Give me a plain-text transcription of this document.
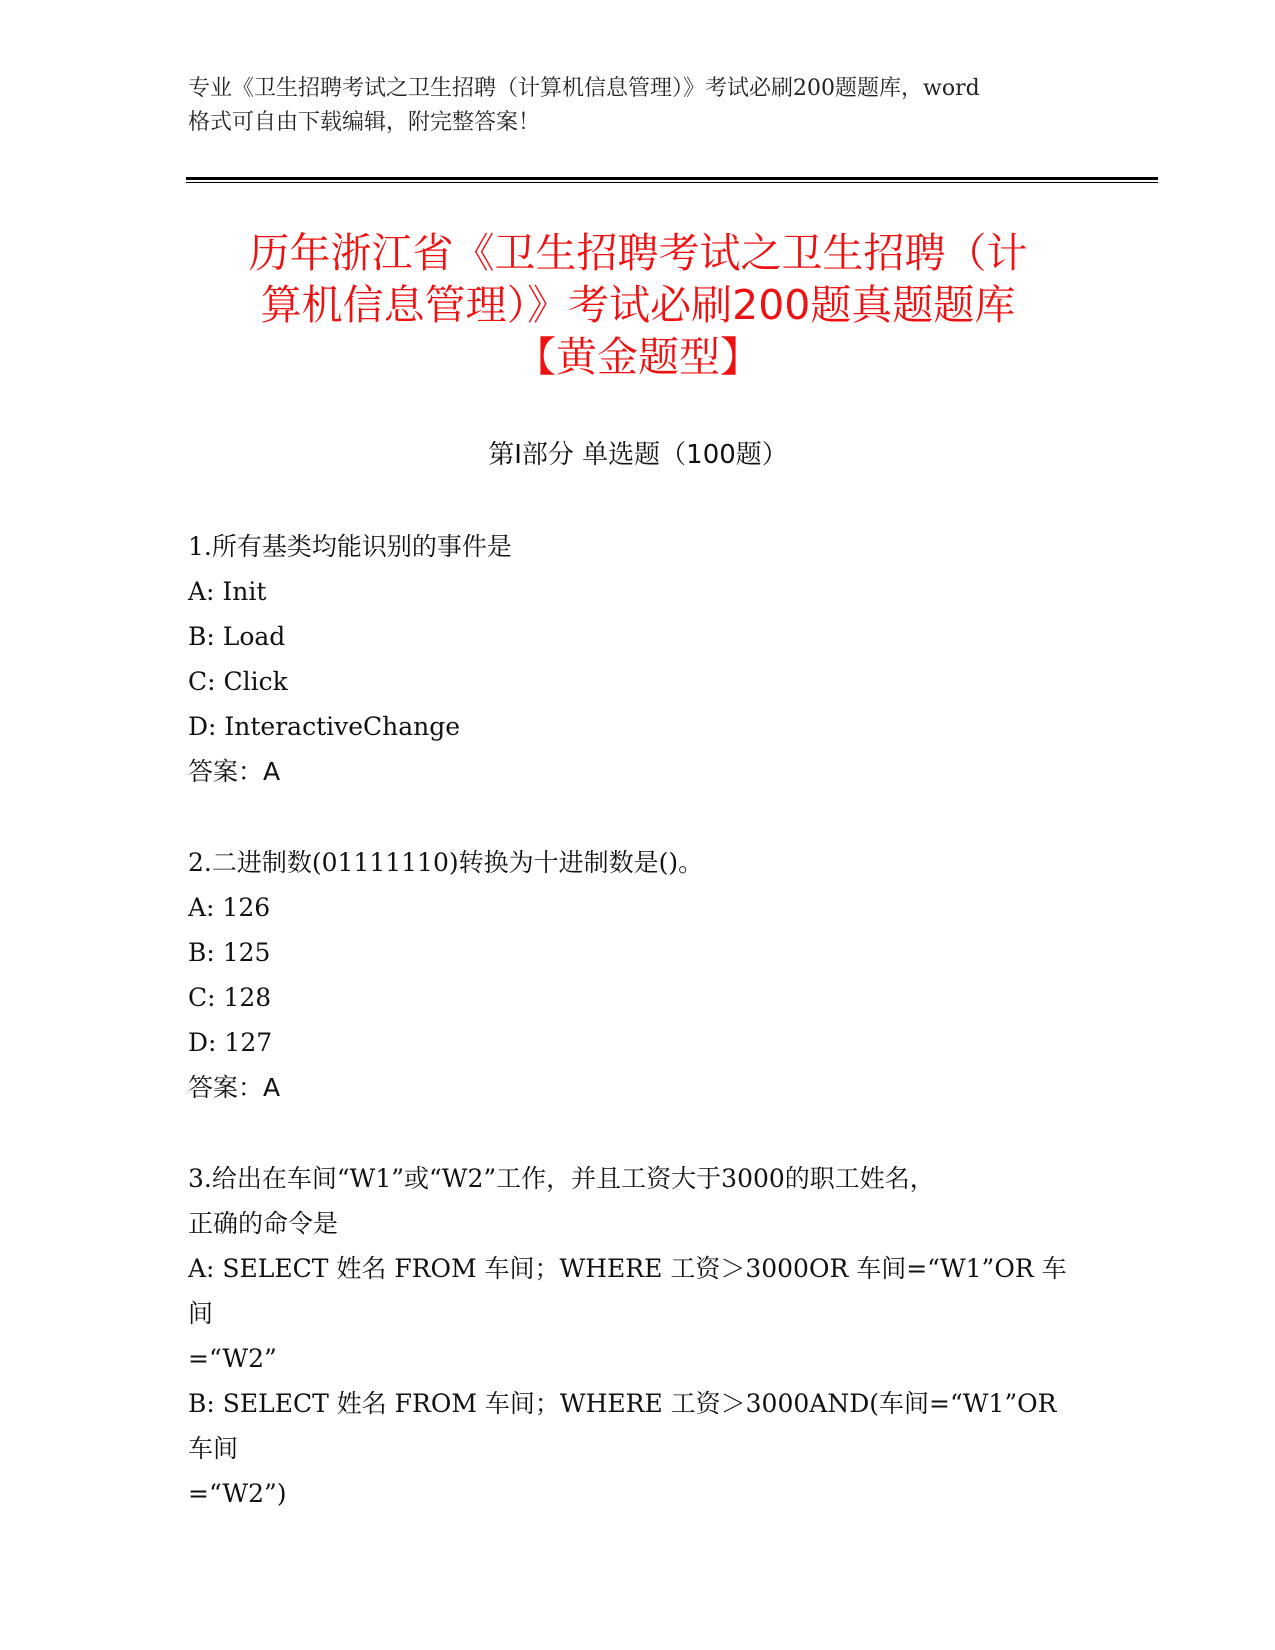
专业《卫生招聘考试之卫生招聘（计算机信息管理）》考试必刷200题题库，word
格式可自由下载编辑，附完整答案！
历年浙江省《卫生招聘考试之卫生招聘（计
算机信息管理）》考试必刷200题真题题库
【黄金题型】
第Ⅰ部分 单选题（100题）
1.所有基类均能识别的事件是
A: Init
B: Load
C: Click
D: InteractiveChange
答案：A
2.二进制数(01111110)转换为十进制数是()。
A: 126
B: 125
C: 128
D: 127
答案：A
3.给出在车间“W1”或“W2”工作，并且工资大于3000的职工姓名，
正确的命令是
A: SELECT 姓名 FROM 车间；WHERE 工资＞3000OR 车间=“W1”OR 车间
=“W2”
B: SELECT 姓名 FROM 车间；WHERE 工资＞3000AND(车间=“W1”OR 车间
=“W2”)
